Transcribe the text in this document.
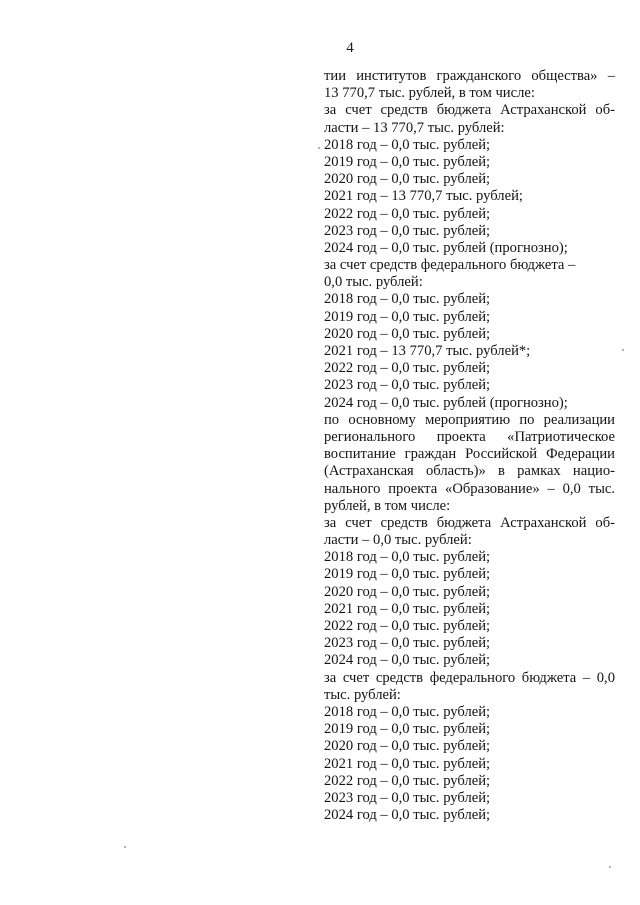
4
тии институтов гражданского общества» –
13 770,7 тыс. рублей, в том числе:
за счет средств бюджета Астраханской об-
ласти – 13 770,7 тыс. рублей:
2018 год – 0,0 тыс. рублей;
2019 год – 0,0 тыс. рублей;
2020 год – 0,0 тыс. рублей;
2021 год – 13 770,7 тыс. рублей;
2022 год – 0,0 тыс. рублей;
2023 год – 0,0 тыс. рублей;
2024 год – 0,0 тыс. рублей (прогнозно);
за счет средств федерального бюджета –
0,0 тыс. рублей:
2018 год – 0,0 тыс. рублей;
2019 год – 0,0 тыс. рублей;
2020 год – 0,0 тыс. рублей;
2021 год – 13 770,7 тыс. рублей*;
2022 год – 0,0 тыс. рублей;
2023 год – 0,0 тыс. рублей;
2024 год – 0,0 тыс. рублей (прогнозно);
по основному мероприятию по реализации
регионального проекта «Патриотическое
воспитание граждан Российской Федерации
(Астраханская область)» в рамках нацио-
нального проекта «Образование» – 0,0 тыс.
рублей, в том числе:
за счет средств бюджета Астраханской об-
ласти – 0,0 тыс. рублей:
2018 год – 0,0 тыс. рублей;
2019 год – 0,0 тыс. рублей;
2020 год – 0,0 тыс. рублей;
2021 год – 0,0 тыс. рублей;
2022 год – 0,0 тыс. рублей;
2023 год – 0,0 тыс. рублей;
2024 год – 0,0 тыс. рублей;
за счет средств федерального бюджета – 0,0
тыс. рублей:
2018 год – 0,0 тыс. рублей;
2019 год – 0,0 тыс. рублей;
2020 год – 0,0 тыс. рублей;
2021 год – 0,0 тыс. рублей;
2022 год – 0,0 тыс. рублей;
2023 год – 0,0 тыс. рублей;
2024 год – 0,0 тыс. рублей;
